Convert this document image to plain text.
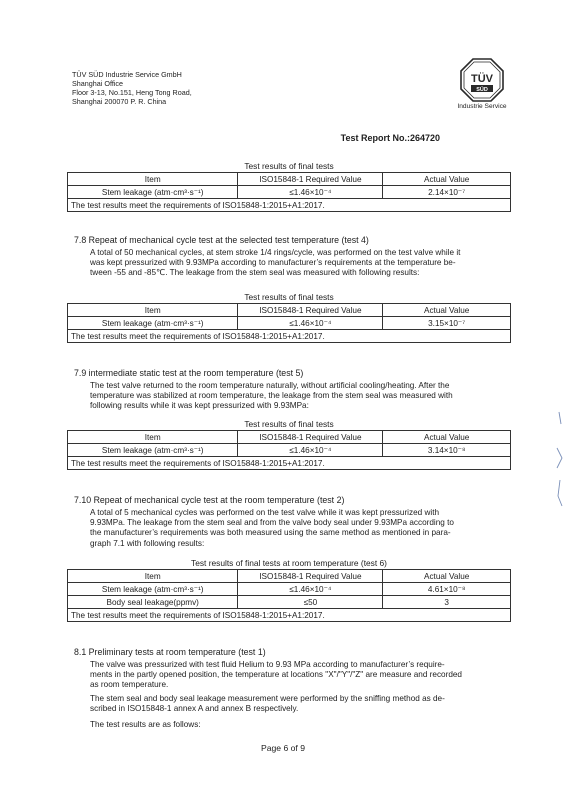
TÜV SÜD Industrie Service GmbH
Shanghai Office
Floor 3-13, No.151, Heng Tong Road,
Shanghai 200070 P. R. China
TÜV
SÜD
Industrie Service
Test Report No.:264720
Test results of final tests
Item	ISO15848-1 Required Value	Actual Value
Stem leakage (atm·cm³·s⁻¹)	≤1.46×10⁻⁴	2.14×10⁻⁷
The test results meet the requirements of ISO15848-1:2015+A1:2017.		
7.8 Repeat of mechanical cycle test at the selected test temperature (test 4)
A total of 50 mechanical cycles, at stem stroke 1/4 rings/cycle, was performed on the test valve while it
was kept pressurized with 9.93MPa according to manufacturer’s requirements at the temperature be-
tween -55 and -85℃. The leakage from the stem seal was measured with following results:
Test results of final tests
Item	ISO15848-1 Required Value	Actual Value
Stem leakage (atm·cm³·s⁻¹)	≤1.46×10⁻⁴	3.15×10⁻⁷
The test results meet the requirements of ISO15848-1:2015+A1:2017.		
7.9 intermediate static test at the room temperature (test 5)
The test valve returned to the room temperature naturally, without artificial cooling/heating. After the
temperature was stabilized at room temperature, the leakage from the stem seal was measured with
following results while it was kept pressurized with 9.93MPa:
Test results of final tests
Item	ISO15848-1 Required Value	Actual Value
Stem leakage (atm·cm³·s⁻¹)	≤1.46×10⁻⁴	3.14×10⁻⁸
The test results meet the requirements of ISO15848-1:2015+A1:2017.		
7.10 Repeat of mechanical cycle test at the room temperature (test 2)
A total of 5 mechanical cycles was performed on the test valve while it was kept pressurized with
9.93MPa. The leakage from the stem seal and from the valve body seal under 9.93MPa according to
the manufacturer’s requirements was both measured using the same method as mentioned in para-
graph 7.1 with following results:
Test results of final tests at room temperature (test 6)
Item	ISO15848-1 Required Value	Actual Value
Stem leakage (atm·cm³·s⁻¹)	≤1.46×10⁻⁴	4.61×10⁻⁸
Body seal leakage(ppmv)	≤50	3
The test results meet the requirements of ISO15848-1:2015+A1:2017.		
8.1 Preliminary tests at room temperature (test 1)
The valve was pressurized with test fluid Helium to 9.93 MPa according to manufacturer’s require-
ments in the partly opened position, the temperature at locations "X"/"Y"/"Z" are measure and recorded
as room temperature.
The stem seal and body seal leakage measurement were performed by the sniffing method as de-
scribed in ISO15848-1 annex A and annex B respectively.
The test results are as follows:
Page 6 of 9
